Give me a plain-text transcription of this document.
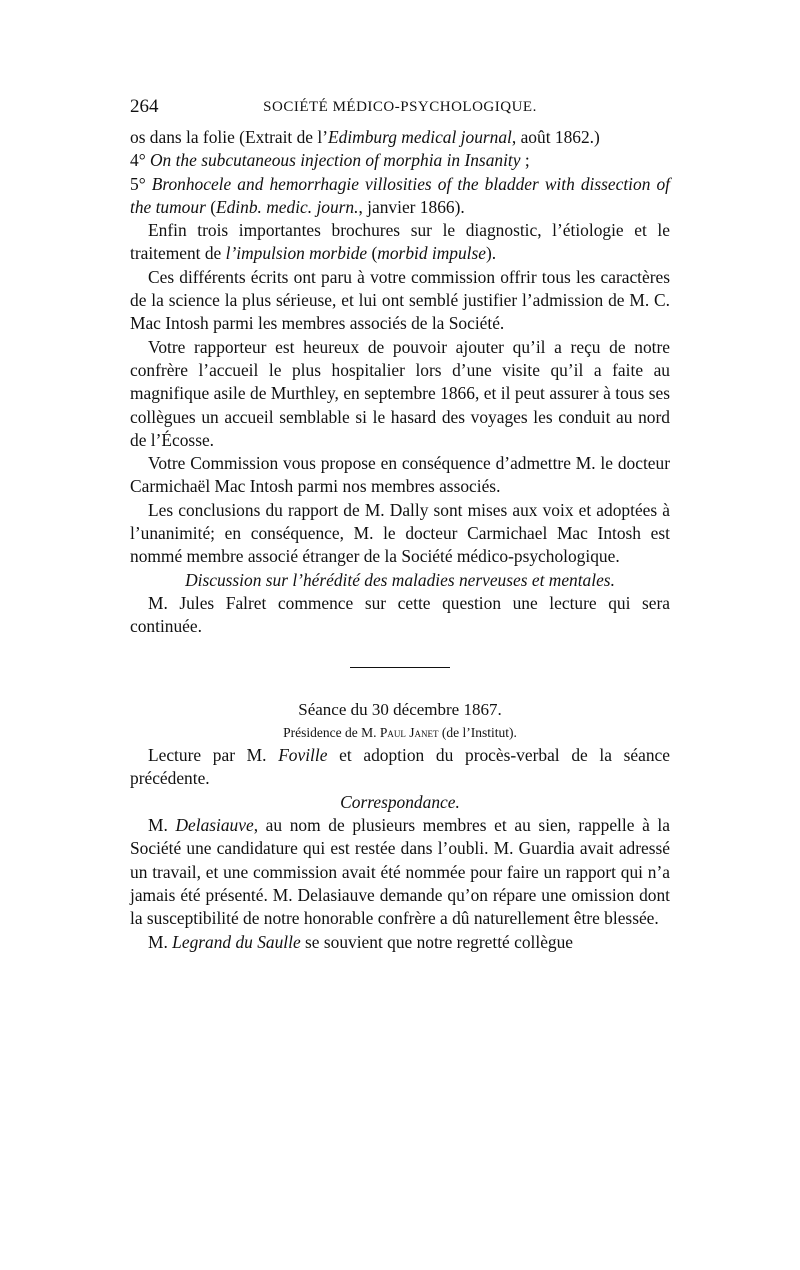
264	SOCIÉTÉ MÉDICO-PSYCHOLOGIQUE.

os dans la folie (Extrait de l’Edimburg medical journal, août 1862.)

4° On the subcutaneous injection of morphia in Insanity ;

5° Bronhocele and hemorrhagie villosities of the bladder with dissection of the tumour (Edinb. medic. journ., janvier 1866).

Enfin trois importantes brochures sur le diagnostic, l’étiologie et le traitement de l’impulsion morbide (morbid impulse).

Ces différents écrits ont paru à votre commission offrir tous les caractères de la science la plus sérieuse, et lui ont semblé justifier l’admission de M. C. Mac Intosh parmi les membres associés de la Société.

Votre rapporteur est heureux de pouvoir ajouter qu’il a reçu de notre confrère l’accueil le plus hospitalier lors d’une visite qu’il a faite au magnifique asile de Murthley, en septembre 1866, et il peut assurer à tous ses collègues un accueil semblable si le hasard des voyages les conduit au nord de l’Écosse.

Votre Commission vous propose en conséquence d’admettre M. le docteur Carmichaël Mac Intosh parmi nos membres associés.

Les conclusions du rapport de M. Dally sont mises aux voix et adoptées à l’unanimité; en conséquence, M. le docteur Carmichael Mac Intosh est nommé membre associé étranger de la Société médico-psychologique.

Discussion sur l’hérédité des maladies nerveuses et mentales.

M. Jules Falret commence sur cette question une lecture qui sera continuée.

Séance du 30 décembre 1867.

Présidence de M. Paul Janet (de l’Institut).

Lecture par M. Foville et adoption du procès-verbal de la séance précédente.

Correspondance.

M. Delasiauve, au nom de plusieurs membres et au sien, rappelle à la Société une candidature qui est restée dans l’oubli. M. Guardia avait adressé un travail, et une commission avait été nommée pour faire un rapport qui n’a jamais été présenté. M. Delasiauve demande qu’on répare une omission dont la susceptibilité de notre honorable confrère a dû naturellement être blessée.

M. Legrand du Saulle se souvient que notre regretté collègue
